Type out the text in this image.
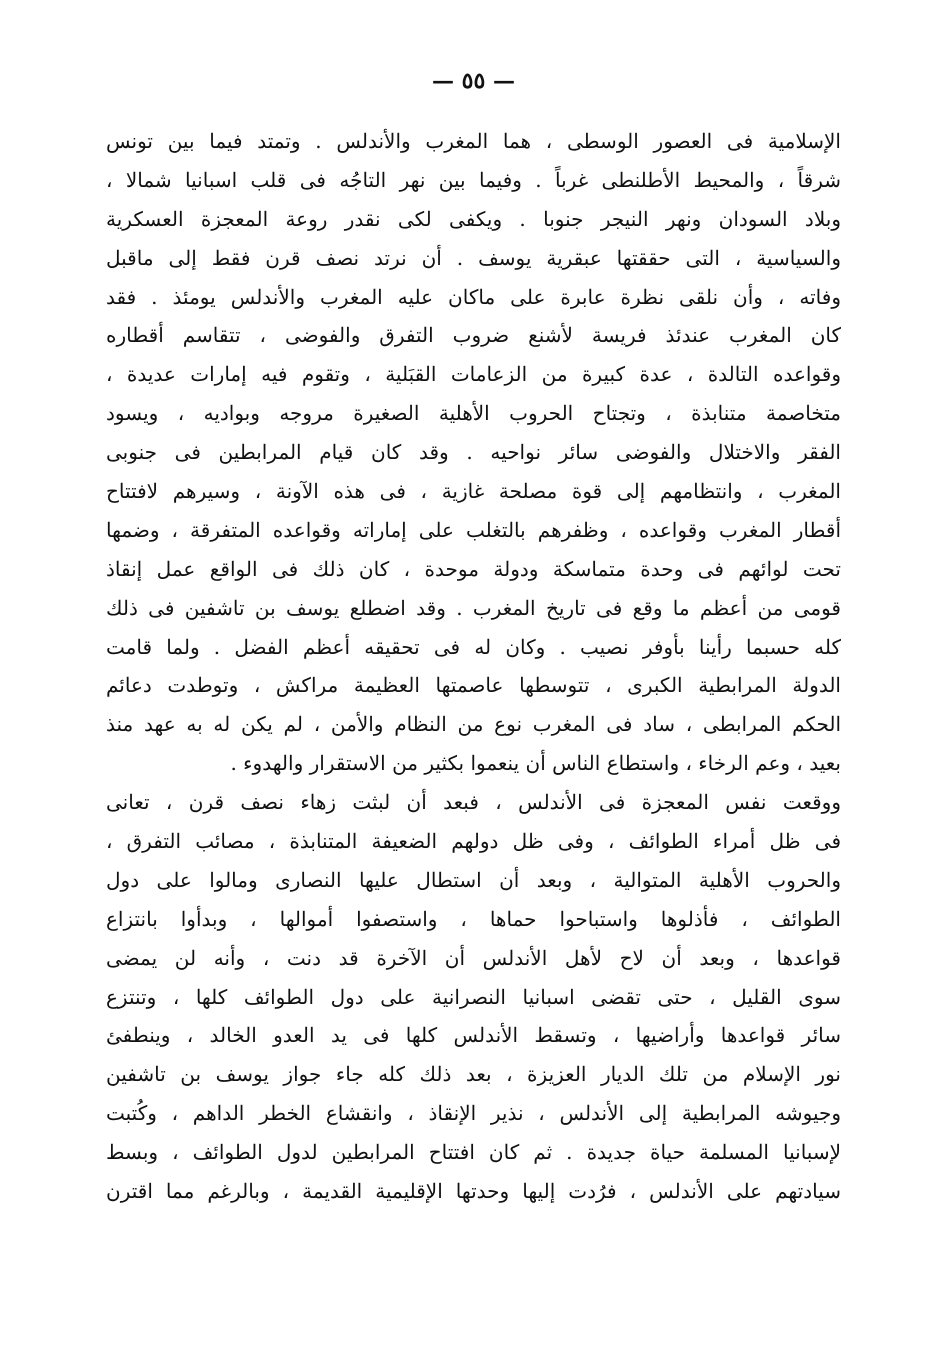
— ٥٥ —
الإسلامية فى العصور الوسطى ، هما المغرب والأندلس . وتمتد فيما بين تونس
شرقاً ، والمحيط الأطلنطى غرباً . وفيما بين نهر التاجُه فى قلب اسبانيا شمالا ،
وبلاد السودان ونهر النيجر جنوبا . ويكفى لكى نقدر روعة المعجزة العسكرية
والسياسية ، التى حققتها عبقرية يوسف . أن نرتد نصف قرن فقط إلى ماقبل
وفاته ، وأن نلقى نظرة عابرة على ماكان عليه المغرب والأندلس يومئذ . فقد
كان المغرب عندئذ فريسة لأشنع ضروب التفرق والفوضى ، تتقاسم أقطاره
وقواعده التالدة ، عدة كبيرة من الزعامات القبَلية ، وتقوم فيه إمارات عديدة ،
متخاصمة متنابذة ، وتجتاح الحروب الأهلية الصغيرة مروجه وبواديه ، ويسود
الفقر والاختلال والفوضى سائر نواحيه . وقد كان قيام المرابطين فى جنوبى
المغرب ، وانتظامهم إلى قوة مصلحة غازية ، فى هذه الآونة ، وسيرهم لافتتاح
أقطار المغرب وقواعده ، وظفرهم بالتغلب على إماراته وقواعده المتفرقة ، وضمها
تحت لوائهم فى وحدة متماسكة ودولة موحدة ، كان ذلك فى الواقع عمل إنقاذ
قومى من أعظم ما وقع فى تاريخ المغرب . وقد اضطلع يوسف بن تاشفين فى ذلك
كله حسبما رأينا بأوفر نصيب . وكان له فى تحقيقه أعظم الفضل . ولما قامت
الدولة المرابطية الكبرى ، تتوسطها عاصمتها العظيمة مراكش ، وتوطدت دعائم
الحكم المرابطى ، ساد فى المغرب نوع من النظام والأمن ، لم يكن له به عهد منذ
بعيد ، وعم الرخاء ، واستطاع الناس أن ينعموا بكثير من الاستقرار والهدوء .
ووقعت نفس المعجزة فى الأندلس ، فبعد أن لبثت زهاء نصف قرن ، تعانى
فى ظل أمراء الطوائف ، وفى ظل دولهم الضعيفة المتنابذة ، مصائب التفرق ،
والحروب الأهلية المتوالية ، وبعد أن استطال عليها النصارى ومالوا على دول
الطوائف ، فأذلوها واستباحوا حماها ، واستصفوا أموالها ، وبدأوا بانتزاع
قواعدها ، وبعد أن لاح لأهل الأندلس أن الآخرة قد دنت ، وأنه لن يمضى
سوى القليل ، حتى تقضى اسبانيا النصرانية على دول الطوائف كلها ، وتنتزع
سائر قواعدها وأراضيها ، وتسقط الأندلس كلها فى يد العدو الخالد ، وينطفئ
نور الإسلام من تلك الديار العزيزة ، بعد ذلك كله جاء جواز يوسف بن تاشفين
وجيوشه المرابطية إلى الأندلس ، نذير الإنقاذ ، وانقشاع الخطر الداهم ، وكُتبت
لإسبانيا المسلمة حياة جديدة . ثم كان افتتاح المرابطين لدول الطوائف ، وبسط
سيادتهم على الأندلس ، فرُدت إليها وحدتها الإقليمية القديمة ، وبالرغم مما اقترن
